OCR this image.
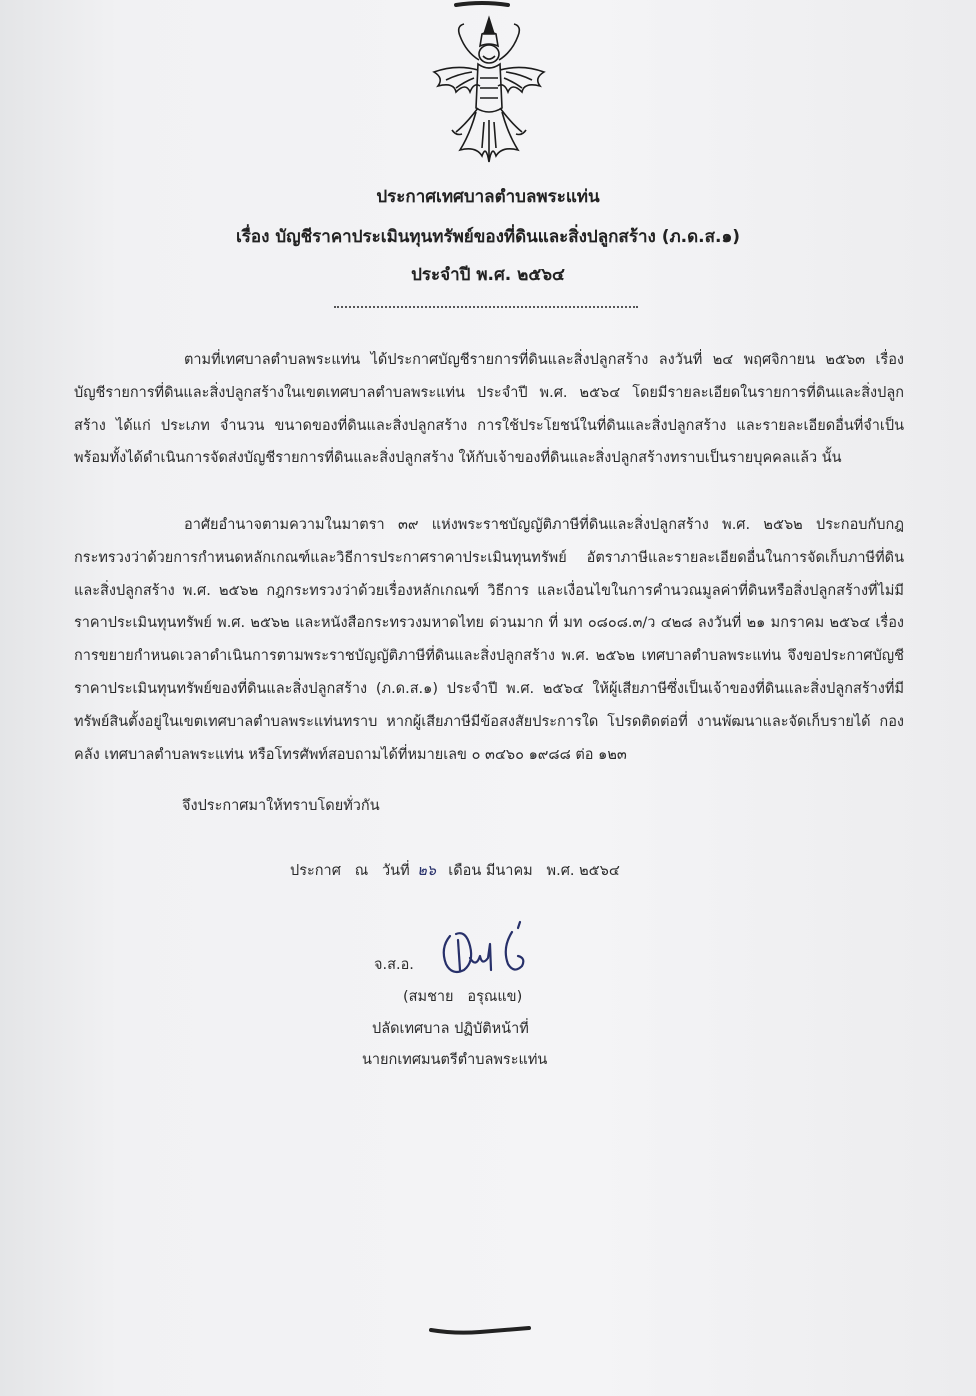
ประกาศเทศบาลตำบลพระแท่น
เรื่อง บัญชีราคาประเมินทุนทรัพย์ของที่ดินและสิ่งปลูกสร้าง (ภ.ด.ส.๑)
ประจำปี พ.ศ. ๒๕๖๔
ตามที่เทศบาลตำบลพระแท่น ได้ประกาศบัญชีรายการที่ดินและสิ่งปลูกสร้าง ลงวันที่ ๒๔ พฤศจิกายน ๒๕๖๓ เรื่อง บัญชีรายการที่ดินและสิ่งปลูกสร้างในเขตเทศบาลตำบลพระแท่น ประจำปี พ.ศ. ๒๕๖๔ โดยมีรายละเอียดในรายการที่ดินและสิ่งปลูกสร้าง ได้แก่ ประเภท จำนวน ขนาดของที่ดินและสิ่งปลูกสร้าง การใช้ประโยชน์ในที่ดินและสิ่งปลูกสร้าง และรายละเอียดอื่นที่จำเป็น พร้อมทั้งได้ดำเนินการจัดส่งบัญชีรายการที่ดินและสิ่งปลูกสร้าง ให้กับเจ้าของที่ดินและสิ่งปลูกสร้างทราบเป็นรายบุคคลแล้ว นั้น
อาศัยอำนาจตามความในมาตรา ๓๙ แห่งพระราชบัญญัติภาษีที่ดินและสิ่งปลูกสร้าง พ.ศ. ๒๕๖๒ ประกอบกับกฎกระทรวงว่าด้วยการกำหนดหลักเกณฑ์และวิธีการประกาศราคาประเมินทุนทรัพย์ อัตราภาษีและรายละเอียดอื่นในการจัดเก็บภาษีที่ดินและสิ่งปลูกสร้าง พ.ศ. ๒๕๖๒ กฎกระทรวงว่าด้วยเรื่องหลักเกณฑ์ วิธีการ และเงื่อนไขในการคำนวณมูลค่าที่ดินหรือสิ่งปลูกสร้างที่ไม่มีราคาประเมินทุนทรัพย์ พ.ศ. ๒๕๖๒ และหนังสือกระทรวงมหาดไทย ด่วนมาก ที่ มท ๐๘๐๘.๓/ว ๔๒๘ ลงวันที่ ๒๑ มกราคม ๒๕๖๔ เรื่อง การขยายกำหนดเวลาดำเนินการตามพระราชบัญญัติภาษีที่ดินและสิ่งปลูกสร้าง พ.ศ. ๒๕๖๒ เทศบาลตำบลพระแท่น จึงขอประกาศบัญชีราคาประเมินทุนทรัพย์ของที่ดินและสิ่งปลูกสร้าง (ภ.ด.ส.๑) ประจำปี พ.ศ. ๒๕๖๔ ให้ผู้เสียภาษีซึ่งเป็นเจ้าของที่ดินและสิ่งปลูกสร้างที่มีทรัพย์สินตั้งอยู่ในเขตเทศบาลตำบลพระแท่นทราบ หากผู้เสียภาษีมีข้อสงสัยประการใด โปรดติดต่อที่ งานพัฒนาและจัดเก็บรายได้ กองคลัง เทศบาลตำบลพระแท่น หรือโทรศัพท์สอบถามได้ที่หมายเลข ๐ ๓๔๖๐ ๑๙๘๘ ต่อ ๑๒๓
จึงประกาศมาให้ทราบโดยทั่วกัน
ประกาศ   ณ   วันที่ ๒๖ เดือน มีนาคม   พ.ศ. ๒๕๖๔
จ.ส.อ.
(สมชาย   อรุณแข)
ปลัดเทศบาล ปฏิบัติหน้าที่
นายกเทศมนตรีตำบลพระแท่น
